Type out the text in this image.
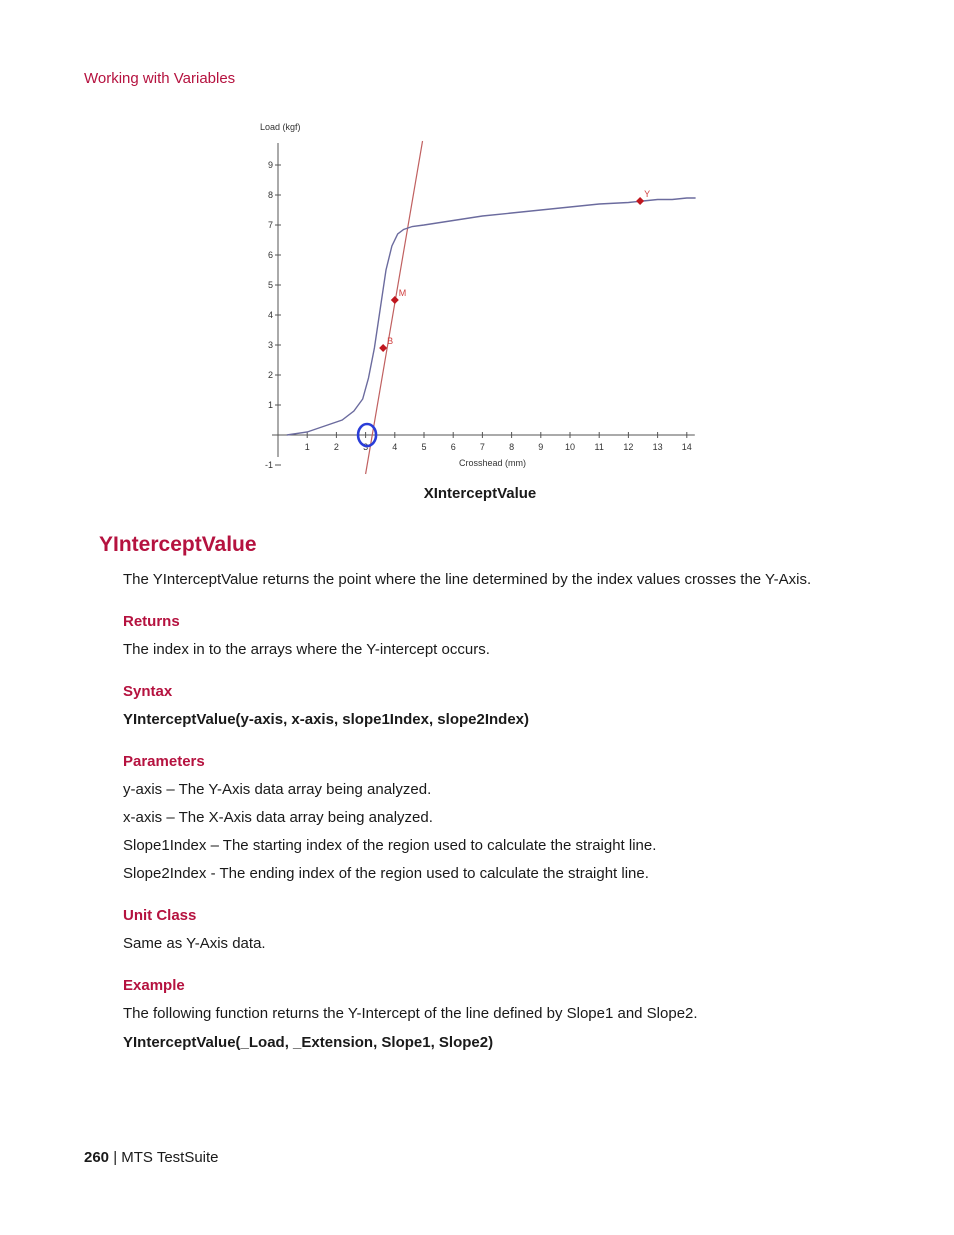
Working with Variables
1	2	3	4	5	6	7	8	9 10 11 12 13 14
-1
1
2
3
4
5
6
7
8
9
Load (kgf)
Crosshead (mm)
B
M
Y
XInterceptValue
YInterceptValue
The YInterceptValue returns the point where the line determined by the index values crosses the Y-Axis.
Returns
The index in to the arrays where the Y-intercept occurs.
Syntax
YInterceptValue(y-axis, x-axis, slope1Index, slope2Index)
Parameters
y-axis – The Y-Axis data array being analyzed.
x-axis – The X-Axis data array being analyzed.
Slope1Index – The starting index of the region used to calculate the straight line.
Slope2Index - The ending index of the region used to calculate the straight line.
Unit Class
Same as Y-Axis data.
Example
The following function returns the Y-Intercept of the line defined by Slope1 and Slope2.
YInterceptValue(_Load, _Extension, Slope1, Slope2)
260 | MTS TestSuite
